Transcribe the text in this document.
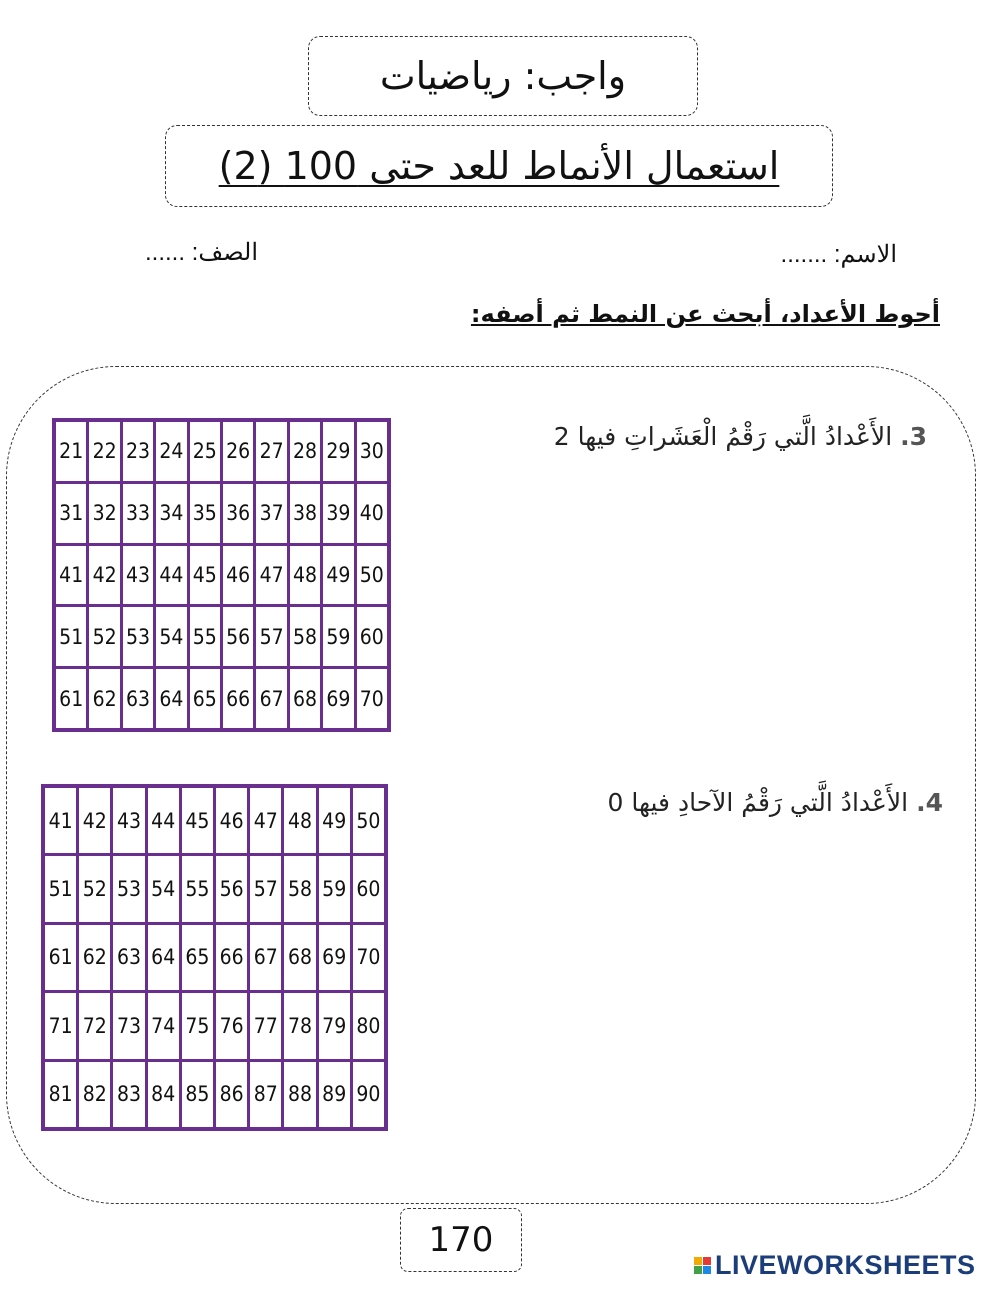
واجب: رياضيات
استعمال الأنماط للعد حتى 100 (2)
الاسم: .......
الصف: ......
أحوط الأعداد، أبحث عن النمط ثم أصفه:
3. الأَعْدادُ الَّتي رَقْمُ الْعَشَراتِ فيها 2
21 22 23 24 25 26 27 28 29 30
31 32 33 34 35 36 37 38 39 40
41 42 43 44 45 46 47 48 49 50
51 52 53 54 55 56 57 58 59 60
61 62 63 64 65 66 67 68 69 70
4. الأَعْدادُ الَّتي رَقْمُ الآحادِ فيها 0
41 42 43 44 45 46 47 48 49 50
51 52 53 54 55 56 57 58 59 60
61 62 63 64 65 66 67 68 69 70
71 72 73 74 75 76 77 78 79 80
81 82 83 84 85 86 87 88 89 90
170
LIVEWORKSHEETS
